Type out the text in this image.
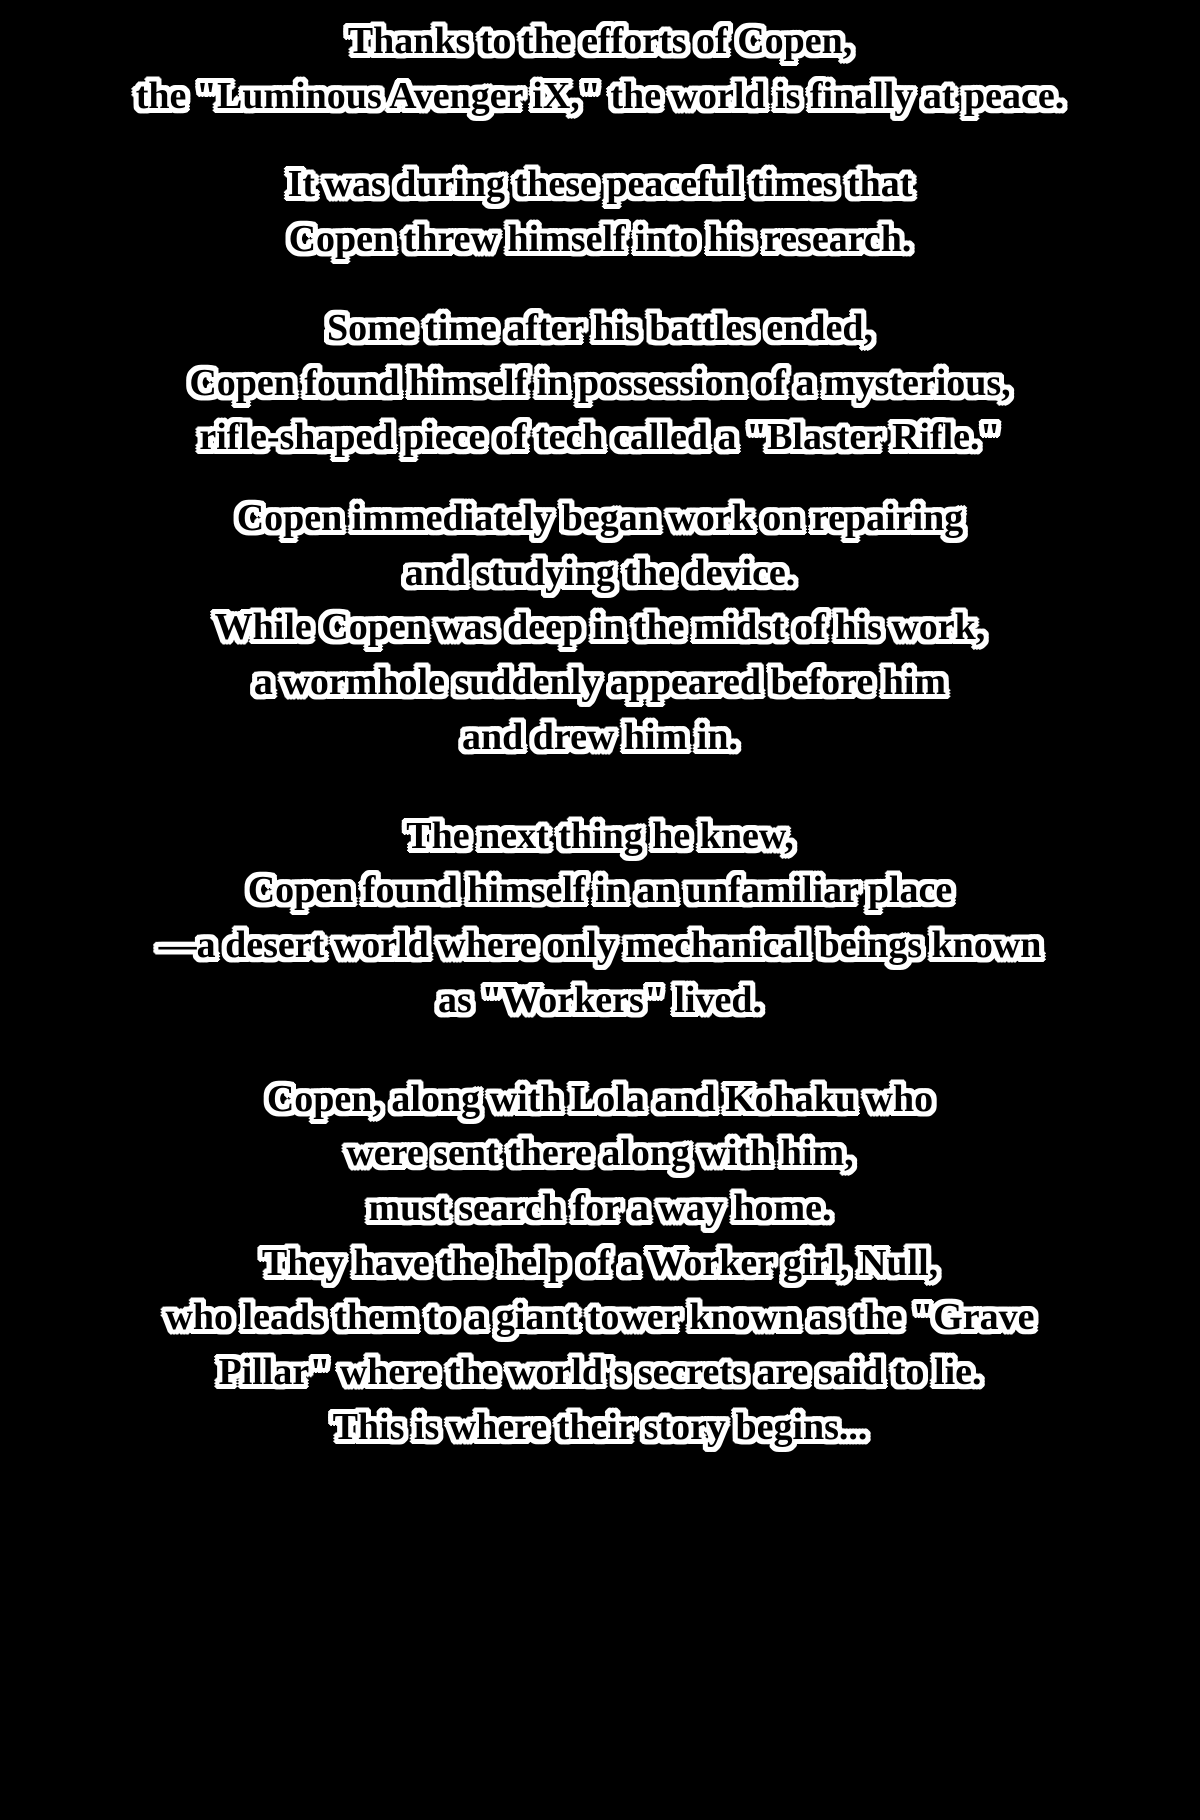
Thanks to the efforts of Copen,
the "Luminous Avenger iX," the world is finally at peace.
It was during these peaceful times that
Copen threw himself into his research.
Some time after his battles ended,
Copen found himself in possession of a mysterious,
rifle-shaped piece of tech called a "Blaster Rifle."
Copen immediately began work on repairing
and studying the device.
While Copen was deep in the midst of his work,
a wormhole suddenly appeared before him
and drew him in.
The next thing he knew,
Copen found himself in an unfamiliar place
—a desert world where only mechanical beings known
as "Workers" lived.
Copen, along with Lola and Kohaku who
were sent there along with him,
must search for a way home.
They have the help of a Worker girl, Null,
who leads them to a giant tower known as the "Grave
Pillar" where the world's secrets are said to lie.
This is where their story begins...
